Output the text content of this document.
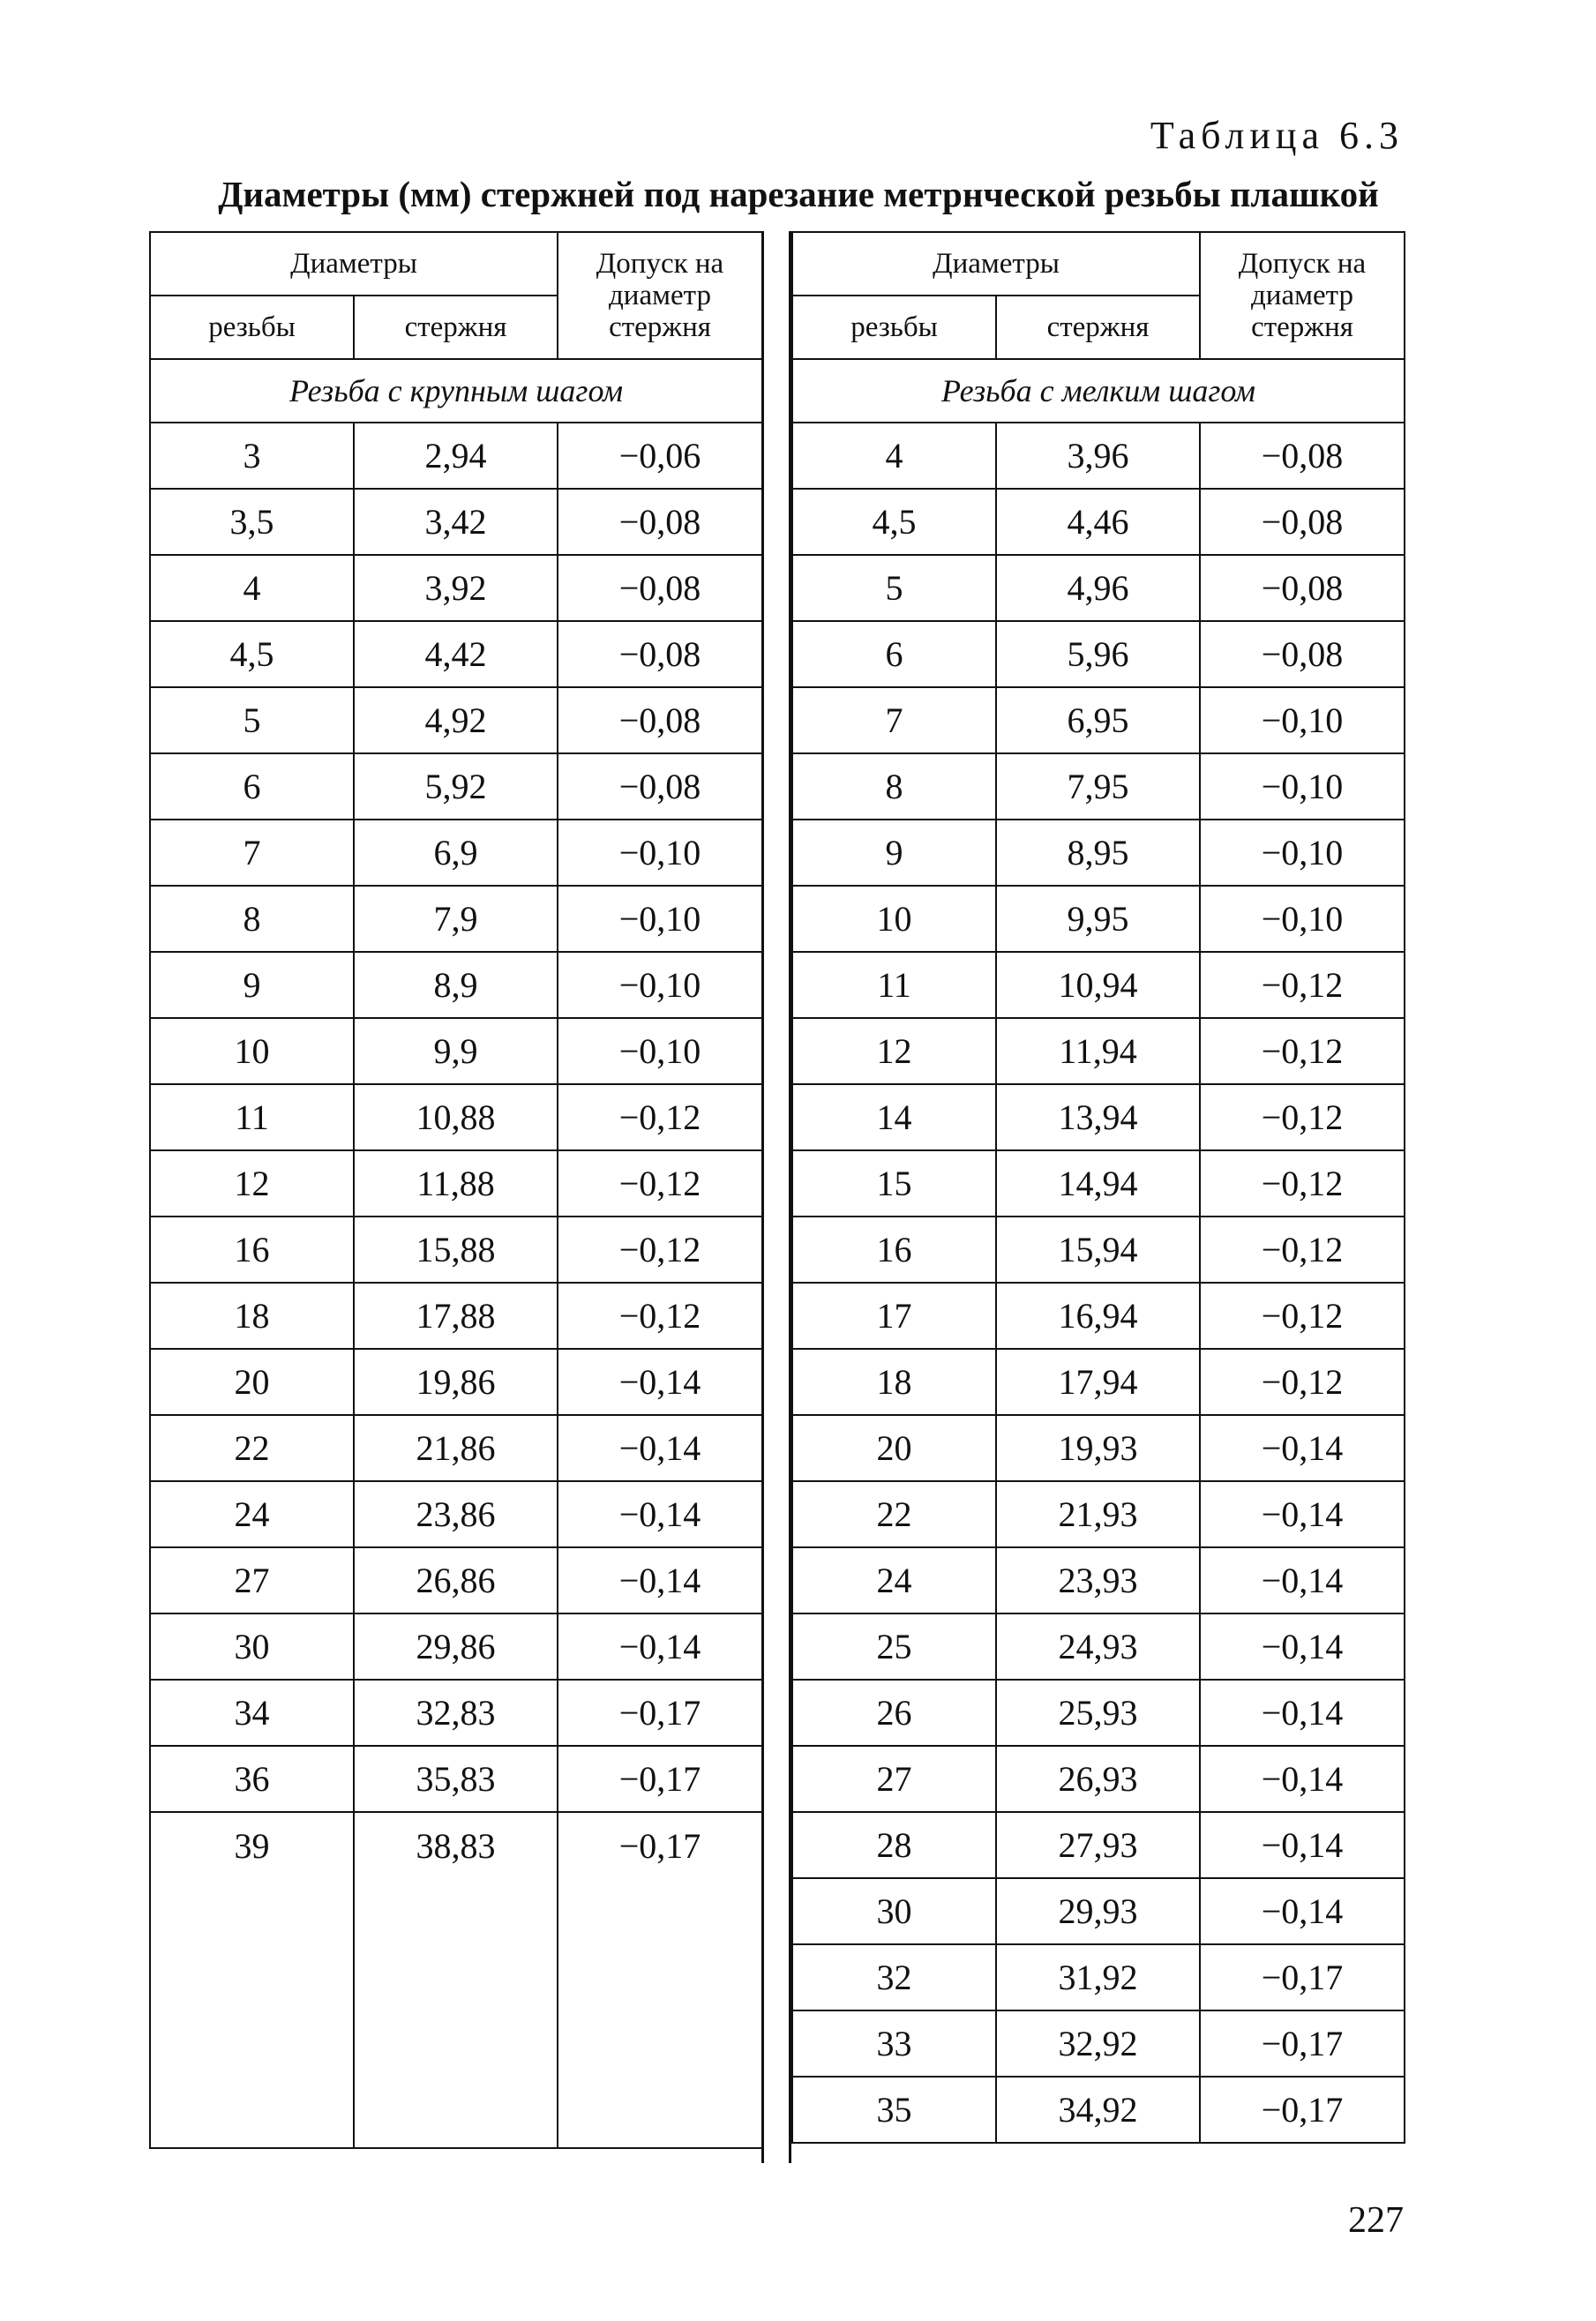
Таблица 6.3
Диаметры (мм) стержней под нарезание метрнческой резьбы плашкой
Диаметры		Допуск на диаметр стержня
резьбы	стержня	
Резьба с крупным шагом		
3	2,94	−0,06
3,5	3,42	−0,08
4	3,92	−0,08
4,5	4,42	−0,08
5	4,92	−0,08
6	5,92	−0,08
7	6,9	−0,10
8	7,9	−0,10
9	8,9	−0,10
10	9,9	−0,10
11	10,88	−0,12
12	11,88	−0,12
16	15,88	−0,12
18	17,88	−0,12
20	19,86	−0,14
22	21,86	−0,14
24	23,86	−0,14
27	26,86	−0,14
30	29,86	−0,14
34	32,83	−0,17
36	35,83	−0,17
39	38,83	−0,17

Диаметры		Допуск на диаметр стержня
резьбы	стержня	
Резьба с мелким шагом		
4	3,96	−0,08
4,5	4,46	−0,08
5	4,96	−0,08
6	5,96	−0,08
7	6,95	−0,10
8	7,95	−0,10
9	8,95	−0,10
10	9,95	−0,10
11	10,94	−0,12
12	11,94	−0,12
14	13,94	−0,12
15	14,94	−0,12
16	15,94	−0,12
17	16,94	−0,12
18	17,94	−0,12
20	19,93	−0,14
22	21,93	−0,14
24	23,93	−0,14
25	24,93	−0,14
26	25,93	−0,14
27	26,93	−0,14
28	27,93	−0,14
30	29,93	−0,14
32	31,92	−0,17
33	32,92	−0,17
35	34,92	−0,17
227
